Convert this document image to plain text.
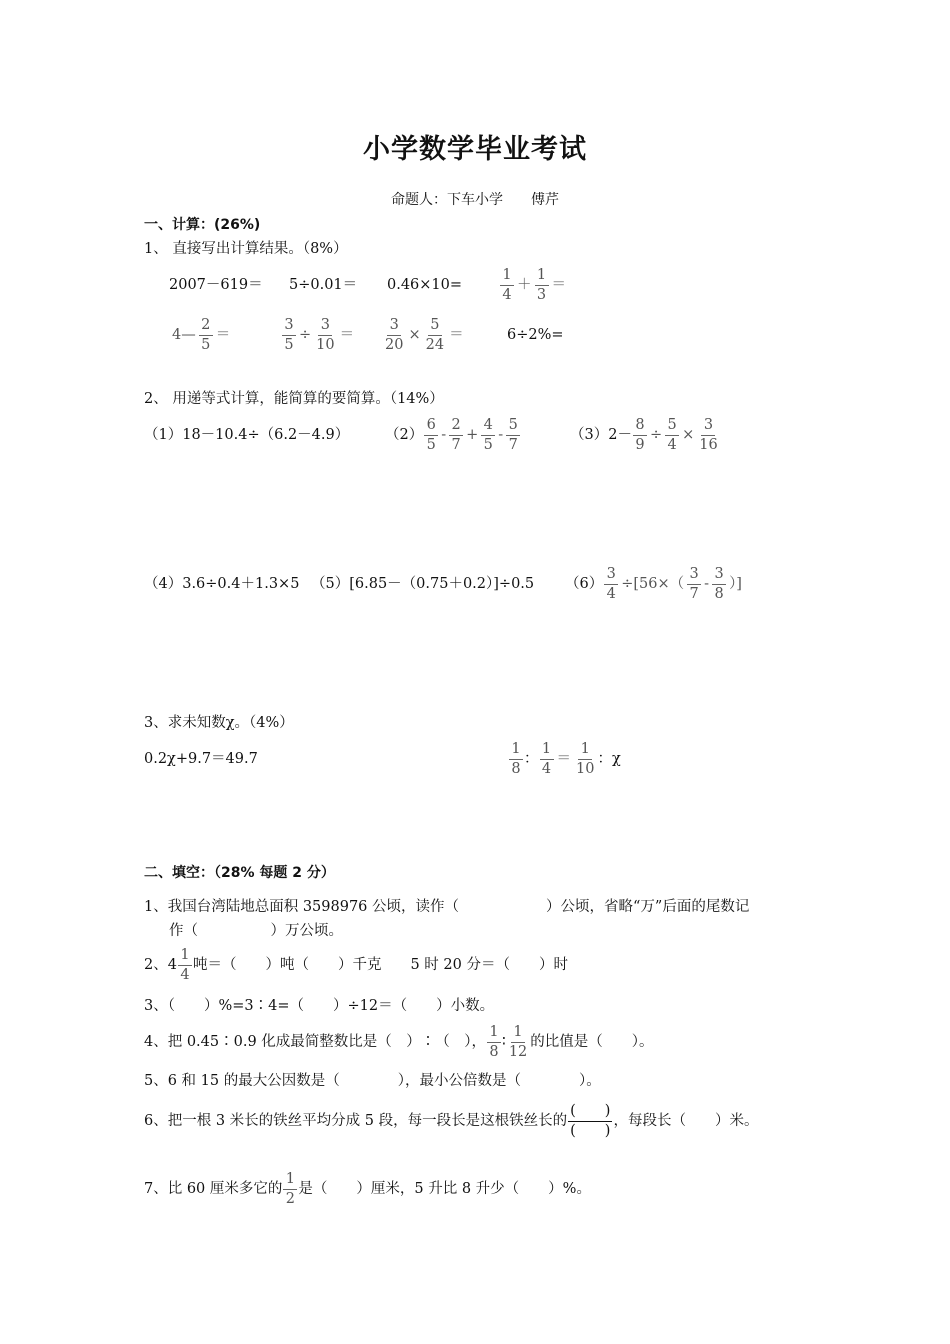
小学数学毕业考试
命题人：下车小学　　傅芹
一、计算：(26%)
1、 直接写出计算结果。（8%）
2007－619＝ 5÷0.01＝ 0.46×10=	$\frac{1}{4} + \frac{1}{3}$ ＝
4— $\frac{2}{5}$ ＝	$\frac{3}{5} \div \frac{3}{10} = \frac{3}{20} \times \frac{5}{24}$ ＝	6÷2%=
2、 用递等式计算，能简算的要简算。（14%）
（1）18－10.4÷（6.2－4.9） $(2) \frac{6}{5} - \frac{2}{7} + \frac{4}{5} - \frac{5}{7}$	$(3)2- \frac{8}{9} \div \frac{5}{4} \times \frac{3}{16}$
（4）3.6÷0.4＋1.3×5 （5）[6.85－（0.75＋0.2）]÷0.5 $(6) \frac{3}{4} \div[56\times( \frac{3}{7} - \frac{3}{8}$ ）]
3、求未知数χ。（4%）
0.2χ+9.7＝49.7	$\frac{1}{8}$ ： $\frac{1}{4} = \frac{1}{10}$ ：χ
二、填空：（28% 每题 2 分）
1、我国台湾陆地总面积 3598976 公顷，读作（　　　　　　）公顷，省略“万”后面的尾数记
作（　　　　　）万公顷。
2、$4 \frac{1}{4}$ 吨＝（　　）吨（　　）千克　　5 时 20 分＝（　　）时
3、（　　）%=3∶4=（　　）÷12＝（　　）小数。
4、把 0.45∶0.9 化成最简整数比是（　）∶（　）， $\frac{1}{8}$ ∶ $\frac{1}{12}$ 的比值是（　　）。
5、6 和 15 的最大公因数是（　　　　），最小公倍数是（　　　　）。
6、把一根 3 米长的铁丝平均分成 5 段，每一段长是这根铁丝长的 $\frac{( )}{( )}$ ，每段长（　　）米。
7、比 60 厘米多它的 $\frac{1}{2}$ 是（　　）厘米，5 升比 8 升少（　　）%。
